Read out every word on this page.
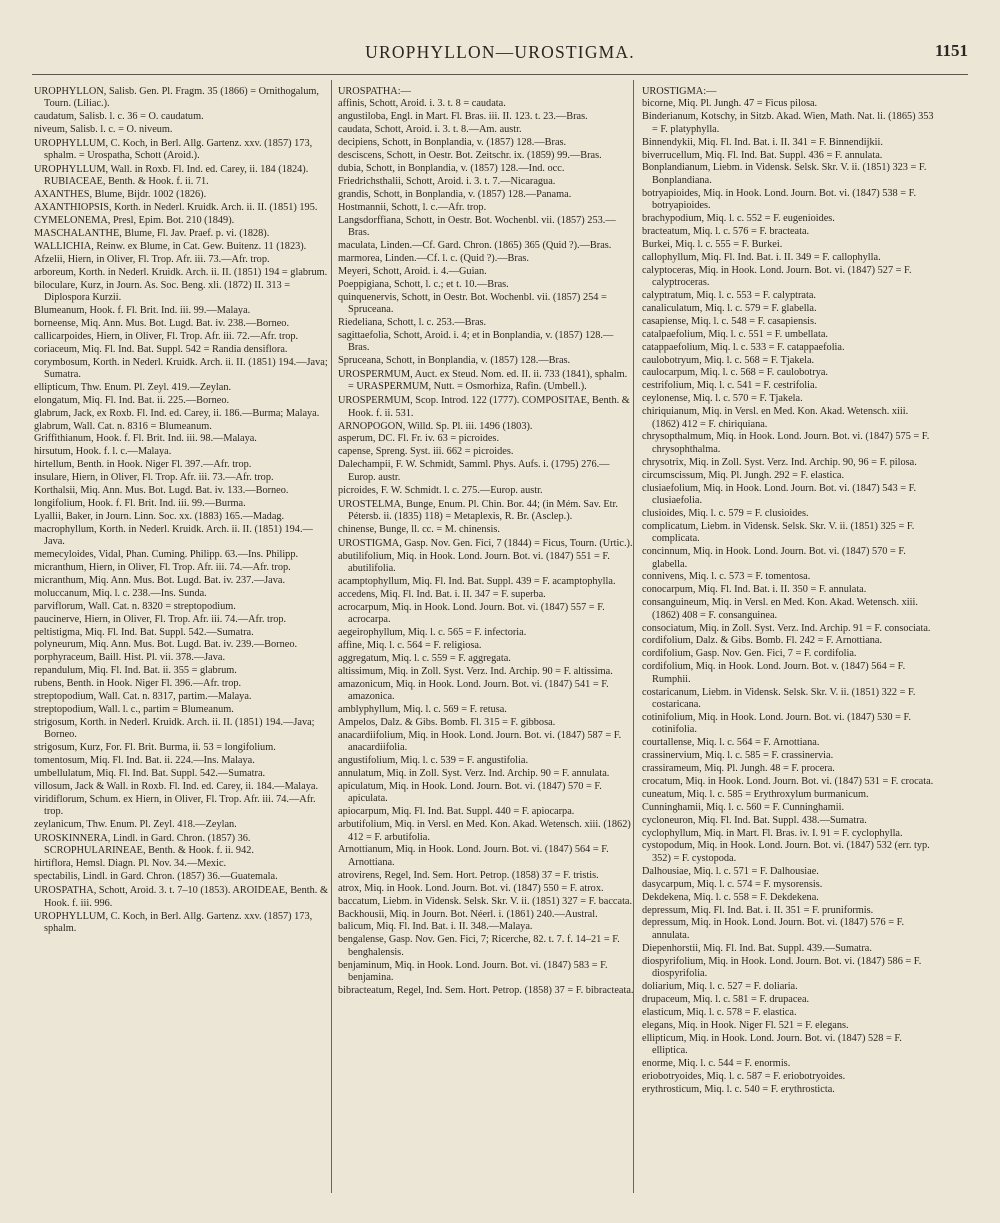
UROPHYLLON—UROSTIGMA.	1151

UROPHYLLON, Salisb. Gen. Pl. Fragm. 35 (1866) = Ornithogalum, Tourn. (Liliac.).

caudatum, Salisb. l. c. 36 = O. caudatum.

niveum, Salisb. l. c. = O. niveum.

UROPHYLLUM, C. Koch, in Berl. Allg. Gartenz. xxv. (1857) 173, sphalm. = Urospatha, Schott (Aroid.).

UROPHYLLUM, Wall. in Roxb. Fl. Ind. ed. Carey, ii. 184 (1824). RUBIACEAE, Benth. & Hook. f. ii. 71.

AXANTHES, Blume, Bijdr. 1002 (1826).

AXANTHIOPSIS, Korth. in Nederl. Kruidk. Arch. ii. II. (1851) 195.

CYMELONEMA, Presl, Epim. Bot. 210 (1849).

MASCHALANTHE, Blume, Fl. Jav. Praef. p. vi. (1828).

WALLICHIA, Reinw. ex Blume, in Cat. Gew. Buitenz. 11 (1823).

Afzelii, Hiern, in Oliver, Fl. Trop. Afr. iii. 73.—Afr. trop.

arboreum, Korth. in Nederl. Kruidk. Arch. ii. II. (1851) 194 = glabrum.

biloculare, Kurz, in Journ. As. Soc. Beng. xli. (1872) II. 313 = Diplospora Kurzii.

Blumeanum, Hook. f. Fl. Brit. Ind. iii. 99.—Malaya.

borneense, Miq. Ann. Mus. Bot. Lugd. Bat. iv. 238.—Borneo.

callicarpoides, Hiern, in Oliver, Fl. Trop. Afr. iii. 72.—Afr. trop.

coriaceum, Miq. Fl. Ind. Bat. Suppl. 542 = Randia densiflora.

corymbosum, Korth. in Nederl. Kruidk. Arch. ii. II. (1851) 194.—Java; Sumatra.

ellipticum, Thw. Enum. Pl. Zeyl. 419.—Zeylan.

elongatum, Miq. Fl. Ind. Bat. ii. 225.—Borneo.

glabrum, Jack, ex Roxb. Fl. Ind. ed. Carey, ii. 186.—Burma; Malaya.

glabrum, Wall. Cat. n. 8316 = Blumeanum.

Griffithianum, Hook. f. Fl. Brit. Ind. iii. 98.—Malaya.

hirsutum, Hook. f. l. c.—Malaya.

hirtellum, Benth. in Hook. Niger Fl. 397.—Afr. trop.

insulare, Hiern, in Oliver, Fl. Trop. Afr. iii. 73.—Afr. trop.

Korthalsii, Miq. Ann. Mus. Bot. Lugd. Bat. iv. 133.—Borneo.

longifolium, Hook. f. Fl. Brit. Ind. iii. 99.—Burma.

Lyallii, Baker, in Journ. Linn. Soc. xx. (1883) 165.—Madag.

macrophyllum, Korth. in Nederl. Kruidk. Arch. ii. II. (1851) 194.—Java.

memecyloides, Vidal, Phan. Cuming. Philipp. 63.—Ins. Philipp.

micranthum, Hiern, in Oliver, Fl. Trop. Afr. iii. 74.—Afr. trop.

micranthum, Miq. Ann. Mus. Bot. Lugd. Bat. iv. 237.—Java.

moluccanum, Miq. l. c. 238.—Ins. Sunda.

parviflorum, Wall. Cat. n. 8320 = streptopodium.

paucinerve, Hiern, in Oliver, Fl. Trop. Afr. iii. 74.—Afr. trop.

peltistigma, Miq. Fl. Ind. Bat. Suppl. 542.—Sumatra.

polyneurum, Miq. Ann. Mus. Bot. Lugd. Bat. iv. 239.—Borneo.

porphyraceum, Baill. Hist. Pl. vii. 378.—Java.

repandulum, Miq. Fl. Ind. Bat. ii. 355 = glabrum.

rubens, Benth. in Hook. Niger Fl. 396.—Afr. trop.

streptopodium, Wall. Cat. n. 8317, partim.—Malaya.

streptopodium, Wall. l. c., partim = Blumeanum.

strigosum, Korth. in Nederl. Kruidk. Arch. ii. II. (1851) 194.—Java; Borneo.

strigosum, Kurz, For. Fl. Brit. Burma, ii. 53 = longifolium.

tomentosum, Miq. Fl. Ind. Bat. ii. 224.—Ins. Malaya.

umbellulatum, Miq. Fl. Ind. Bat. Suppl. 542.—Sumatra.

villosum, Jack & Wall. in Roxb. Fl. Ind. ed. Carey, ii. 184.—Malaya.

viridiflorum, Schum. ex Hiern, in Oliver, Fl. Trop. Afr. iii. 74.—Afr. trop.

zeylanicum, Thw. Enum. Pl. Zeyl. 418.—Zeylan.

UROSKINNERA, Lindl. in Gard. Chron. (1857) 36. SCROPHULARINEAE, Benth. & Hook. f. ii. 942.

hirtiflora, Hemsl. Diagn. Pl. Nov. 34.—Mexic.

spectabilis, Lindl. in Gard. Chron. (1857) 36.—Guatemala.

UROSPATHA, Schott, Aroid. 3. t. 7–10 (1853). AROIDEAE, Benth. & Hook. f. iii. 996.

UROPHYLLUM, C. Koch, in Berl. Allg. Gartenz. xxv. (1857) 173, sphalm.

UROSPATHA:—

affinis, Schott, Aroid. i. 3. t. 8 = caudata.

angustiloba, Engl. in Mart. Fl. Bras. iii. II. 123. t. 23.—Bras.

caudata, Schott, Aroid. i. 3. t. 8.—Am. austr.

decipiens, Schott, in Bonplandia, v. (1857) 128.—Bras.

desciscens, Schott, in Oestr. Bot. Zeitschr. ix. (1859) 99.—Bras.

dubia, Schott, in Bonplandia, v. (1857) 128.—Ind. occ.

Friedrichsthalii, Schott, Aroid. i. 3. t. 7.—Nicaragua.

grandis, Schott, in Bonplandia, v. (1857) 128.—Panama.

Hostmannii, Schott, l. c.—Afr. trop.

Langsdorffiana, Schott, in Oestr. Bot. Wochenbl. vii. (1857) 253.—Bras.

maculata, Linden.—Cf. Gard. Chron. (1865) 365 (Quid ?).—Bras.

marmorea, Linden.—Cf. l. c. (Quid ?).—Bras.

Meyeri, Schott, Aroid. i. 4.—Guian.

Poeppigiana, Schott, l. c.; et t. 10.—Bras.

quinquenervis, Schott, in Oestr. Bot. Wochenbl. vii. (1857) 254 = Spruceana.

Riedeliana, Schott, l. c. 253.—Bras.

sagittaefolia, Schott, Aroid. i. 4; et in Bonplandia, v. (1857) 128.—Bras.

Spruceana, Schott, in Bonplandia, v. (1857) 128.—Bras.

UROSPERMUM, Auct. ex Steud. Nom. ed. II. ii. 733 (1841), sphalm. = URASPERMUM, Nutt. = Osmorhiza, Rafin. (Umbell.).

UROSPERMUM, Scop. Introd. 122 (1777). COMPOSITAE, Benth. & Hook. f. ii. 531.

ARNOPOGON, Willd. Sp. Pl. iii. 1496 (1803).

asperum, DC. Fl. Fr. iv. 63 = picroides.

capense, Spreng. Syst. iii. 662 = picroides.

Dalechampii, F. W. Schmidt, Samml. Phys. Aufs. i. (1795) 276.—Europ. austr.

picroides, F. W. Schmidt. l. c. 275.—Europ. austr.

UROSTELMA, Bunge, Enum. Pl. Chin. Bor. 44; (in Mém. Sav. Etr. Pétersb. ii. (1835) 118) = Metaplexis, R. Br. (Asclep.).

chinense, Bunge, ll. cc. = M. chinensis.

UROSTIGMA, Gasp. Nov. Gen. Fici, 7 (1844) = Ficus, Tourn. (Urtic.).

abutilifolium, Miq. in Hook. Lond. Journ. Bot. vi. (1847) 551 = F. abutilifolia.

acamptophyllum, Miq. Fl. Ind. Bat. Suppl. 439 = F. acamptophylla.

accedens, Miq. Fl. Ind. Bat. i. II. 347 = F. superba.

acrocarpum, Miq. in Hook. Lond. Journ. Bot. vi. (1847) 557 = F. acrocarpa.

aegeirophyllum, Miq. l. c. 565 = F. infectoria.

affine, Miq. l. c. 564 = F. religiosa.

aggregatum, Miq. l. c. 559 = F. aggregata.

altissimum, Miq. in Zoll. Syst. Verz. Ind. Archip. 90 = F. altissima.

amazonicum, Miq. in Hook. Lond. Journ. Bot. vi. (1847) 541 = F. amazonica.

amblyphyllum, Miq. l. c. 569 = F. retusa.

Ampelos, Dalz. & Gibs. Bomb. Fl. 315 = F. gibbosa.

anacardiifolium, Miq. in Hook. Lond. Journ. Bot. vi. (1847) 587 = F. anacardiifolia.

angustifolium, Miq. l. c. 539 = F. angustifolia.

annulatum, Miq. in Zoll. Syst. Verz. Ind. Archip. 90 = F. annulata.

apiculatum, Miq. in Hook. Lond. Journ. Bot. vi. (1847) 570 = F. apiculata.

apiocarpum, Miq. Fl. Ind. Bat. Suppl. 440 = F. apiocarpa.

arbutifolium, Miq. in Versl. en Med. Kon. Akad. Wetensch. xiii. (1862) 412 = F. arbutifolia.

Arnottianum, Miq. in Hook. Lond. Journ. Bot. vi. (1847) 564 = F. Arnottiana.

atrovirens, Regel, Ind. Sem. Hort. Petrop. (1858) 37 = F. tristis.

atrox, Miq. in Hook. Lond. Journ. Bot. vi. (1847) 550 = F. atrox.

baccatum, Liebm. in Vidensk. Selsk. Skr. V. ii. (1851) 327 = F. baccata.

Backhousii, Miq. in Journ. Bot. Néerl. i. (1861) 240.—Austral.

balicum, Miq. Fl. Ind. Bat. i. II. 348.—Malaya.

bengalense, Gasp. Nov. Gen. Fici, 7; Ricerche, 82. t. 7. f. 14–21 = F. benghalensis.

benjaminum, Miq. in Hook. Lond. Journ. Bot. vi. (1847) 583 = F. benjamina.

bibracteatum, Regel, Ind. Sem. Hort. Petrop. (1858) 37 = F. bibracteata.

UROSTIGMA:—

bicorne, Miq. Pl. Jungh. 47 = Ficus pilosa.

Binderianum, Kotschy, in Sitzb. Akad. Wien, Math. Nat. li. (1865) 353 = F. platyphylla.

Binnendykii, Miq. Fl. Ind. Bat. i. II. 341 = F. Binnendijkii.

biverrucellum, Miq. Fl. Ind. Bat. Suppl. 436 = F. annulata.

Bonplandianum, Liebm. in Vidensk. Selsk. Skr. V. ii. (1851) 323 = F. Bonplandiana.

botryapioides, Miq. in Hook. Lond. Journ. Bot. vi. (1847) 538 = F. botryapioides.

brachypodium, Miq. l. c. 552 = F. eugenioides.

bracteatum, Miq. l. c. 576 = F. bracteata.

Burkei, Miq. l. c. 555 = F. Burkei.

callophyllum, Miq. Fl. Ind. Bat. i. II. 349 = F. callophylla.

calyptoceras, Miq. in Hook. Lond. Journ. Bot. vi. (1847) 527 = F. calyptroceras.

calyptratum, Miq. l. c. 553 = F. calyptrata.

canaliculatum, Miq. l. c. 579 = F. glabella.

casapiense, Miq. l. c. 548 = F. casapiensis.

catalpaefolium, Miq. l. c. 551 = F. umbellata.

catappaefolium, Miq. l. c. 533 = F. catappaefolia.

caulobotryum, Miq. l. c. 568 = F. Tjakela.

caulocarpum, Miq. l. c. 568 = F. caulobotrya.

cestrifolium, Miq. l. c. 541 = F. cestrifolia.

ceylonense, Miq. l. c. 570 = F. Tjakela.

chiriquianum, Miq. in Versl. en Med. Kon. Akad. Wetensch. xiii. (1862) 412 = F. chiriquiana.

chrysopthalmum, Miq. in Hook. Lond. Journ. Bot. vi. (1847) 575 = F. chrysophthalma.

chrysotrix, Miq. in Zoll. Syst. Verz. Ind. Archip. 90, 96 = F. pilosa.

circumscissum, Miq. Pl. Jungh. 292 = F. elastica.

clusiaefolium, Miq. in Hook. Lond. Journ. Bot. vi. (1847) 543 = F. clusiaefolia.

clusioides, Miq. l. c. 579 = F. clusioides.

complicatum, Liebm. in Vidensk. Selsk. Skr. V. ii. (1851) 325 = F. complicata.

concinnum, Miq. in Hook. Lond. Journ. Bot. vi. (1847) 570 = F. glabella.

connivens, Miq. l. c. 573 = F. tomentosa.

conocarpum, Miq. Fl. Ind. Bat. i. II. 350 = F. annulata.

consanguineum, Miq. in Versl. en Med. Kon. Akad. Wetensch. xiii. (1862) 408 = F. consanguinea.

consociatum, Miq. in Zoll. Syst. Verz. Ind. Archip. 91 = F. consociata.

cordifolium, Dalz. & Gibs. Bomb. Fl. 242 = F. Arnottiana.

cordifolium, Gasp. Nov. Gen. Fici, 7 = F. cordifolia.

cordifolium, Miq. in Hook. Lond. Journ. Bot. v. (1847) 564 = F. Rumphii.

costaricanum, Liebm. in Vidensk. Selsk. Skr. V. ii. (1851) 322 = F. costaricana.

cotinifolium, Miq. in Hook. Lond. Journ. Bot. vi. (1847) 530 = F. cotinifolia.

courtallense, Miq. l. c. 564 = F. Arnottiana.

crassinervium, Miq. l. c. 585 = F. crassinervia.

crassirameum, Miq. Pl. Jungh. 48 = F. procera.

crocatum, Miq. in Hook. Lond. Journ. Bot. vi. (1847) 531 = F. crocata.

cuneatum, Miq. l. c. 585 = Erythroxylum burmanicum.

Cunninghamii, Miq. l. c. 560 = F. Cunninghamii.

cycloneuron, Miq. Fl. Ind. Bat. Suppl. 438.—Sumatra.

cyclophyllum, Miq. in Mart. Fl. Bras. iv. I. 91 = F. cyclophylla.

cystopodum, Miq. in Hook. Lond. Journ. Bot. vi. (1847) 532 (err. typ. 352) = F. cystopoda.

Dalhousiae, Miq. l. c. 571 = F. Dalhousiae.

dasycarpum, Miq. l. c. 574 = F. mysorensis.

Dekdekena, Miq. l. c. 558 = F. Dekdekena.

depressum, Miq. Fl. Ind. Bat. i. II. 351 = F. pruniformis.

depressum, Miq. in Hook. Lond. Journ. Bot. vi. (1847) 576 = F. annulata.

Diepenhorstii, Miq. Fl. Ind. Bat. Suppl. 439.—Sumatra.

diospyrifolium, Miq. in Hook. Lond. Journ. Bot. vi. (1847) 586 = F. diospyrifolia.

doliarium, Miq. l. c. 527 = F. doliaria.

drupaceum, Miq. l. c. 581 = F. drupacea.

elasticum, Miq. l. c. 578 = F. elastica.

elegans, Miq. in Hook. Niger Fl. 521 = F. elegans.

ellipticum, Miq. in Hook. Lond. Journ. Bot. vi. (1847) 528 = F. elliptica.

enorme, Miq. l. c. 544 = F. enormis.

eriobotryoides, Miq. l. c. 587 = F. eriobotryoides.

erythrosticum, Miq. l. c. 540 = F. erythrosticta.
